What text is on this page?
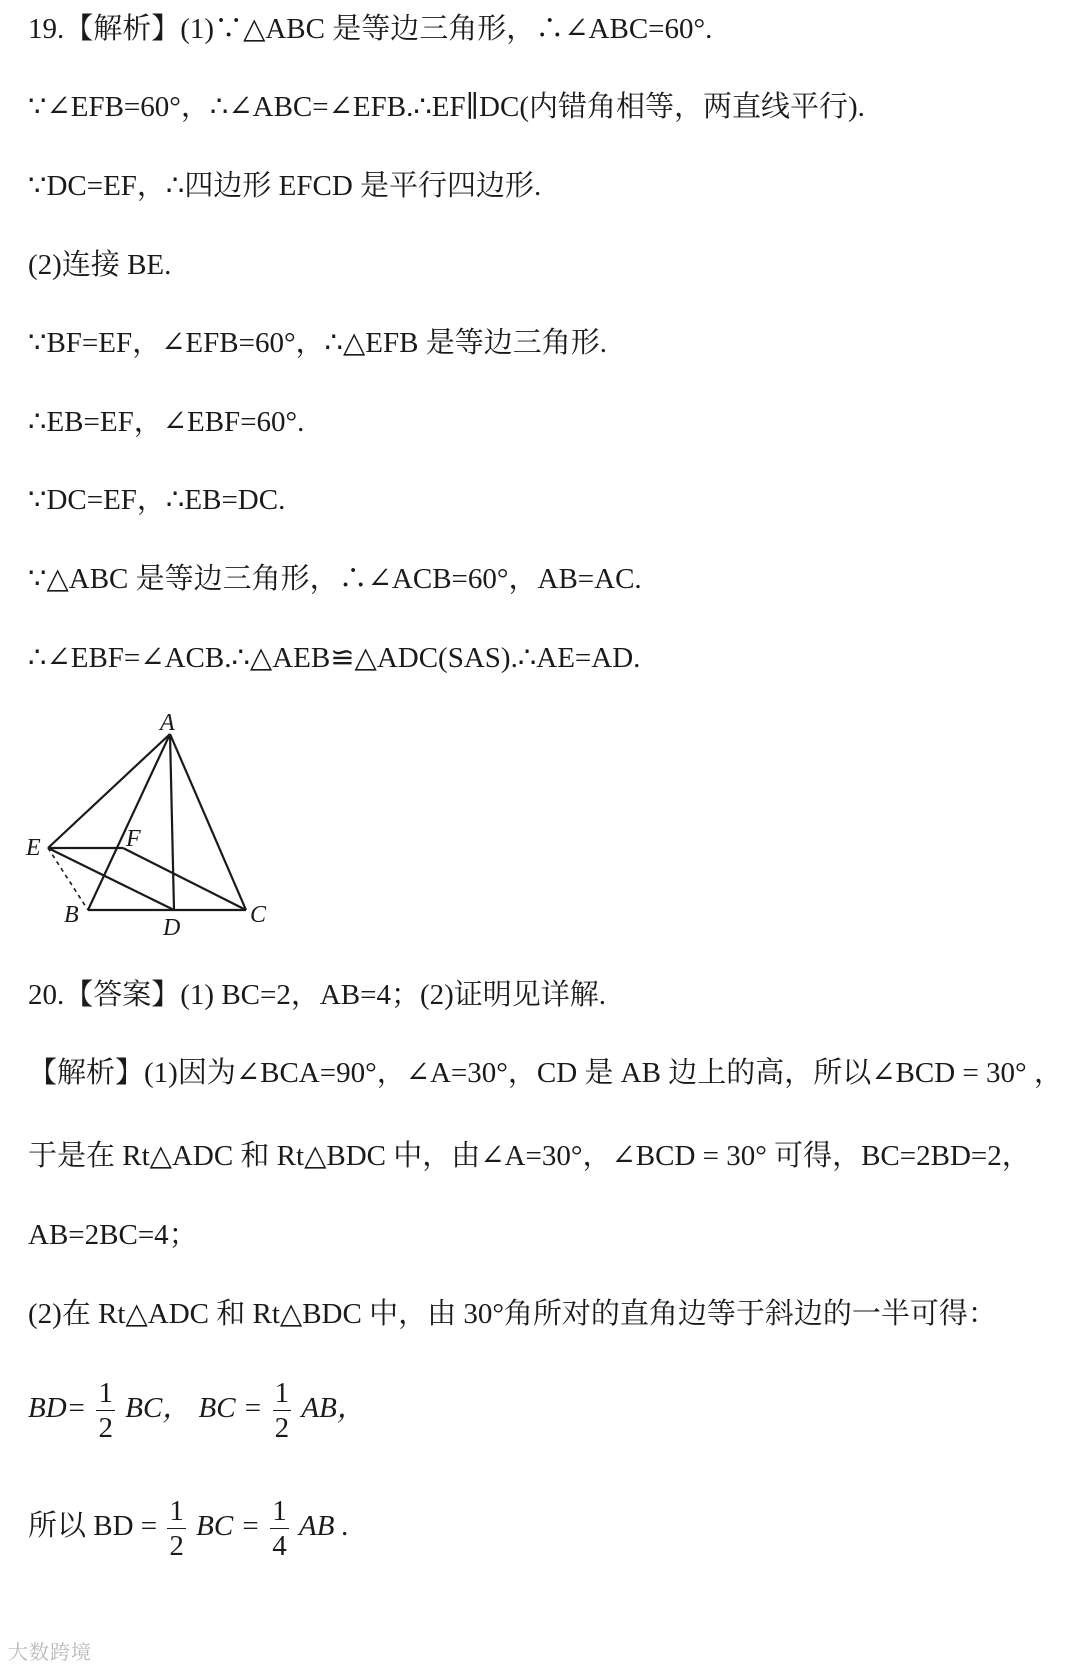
19.【解析】(1)∵△ABC 是等边三角形，∴∠ABC=60°.
∵∠EFB=60°，∴∠ABC=∠EFB.∴EF∥DC(内错角相等，两直线平行).
∵DC=EF，∴四边形 EFCD 是平行四边形.
(2)连接 BE.
∵BF=EF，∠EFB=60°，∴△EFB 是等边三角形.
∴EB=EF，∠EBF=60°.
∵DC=EF，∴EB=DC.
∵△ABC 是等边三角形，∴∠ACB=60°，AB=AC.
∴∠EBF=∠ACB.∴△AEB≌△ADC(SAS).∴AE=AD.
A
E	F
B	D	C
20.【答案】(1) BC=2，AB=4；(2)证明见详解.
【解析】(1)因为∠BCA=90°，∠A=30°，CD 是 AB 边上的高，所以∠BCD = 30° ，
于是在 Rt△ADC 和 Rt△BDC 中，由∠A=30°，∠BCD = 30° 可得，BC=2BD=2，
AB=2BC=4；
(2)在 Rt△ADC 和 Rt△BDC 中，由 30°角所对的直角边等于斜边的一半可得：
$BD= \frac{1}{2}$ BC， BC = $\frac{1}{2}$ AB，
所以 BD = $\frac{1}{2}$ BC = $\frac{1}{4}$ AB .
大数跨境
